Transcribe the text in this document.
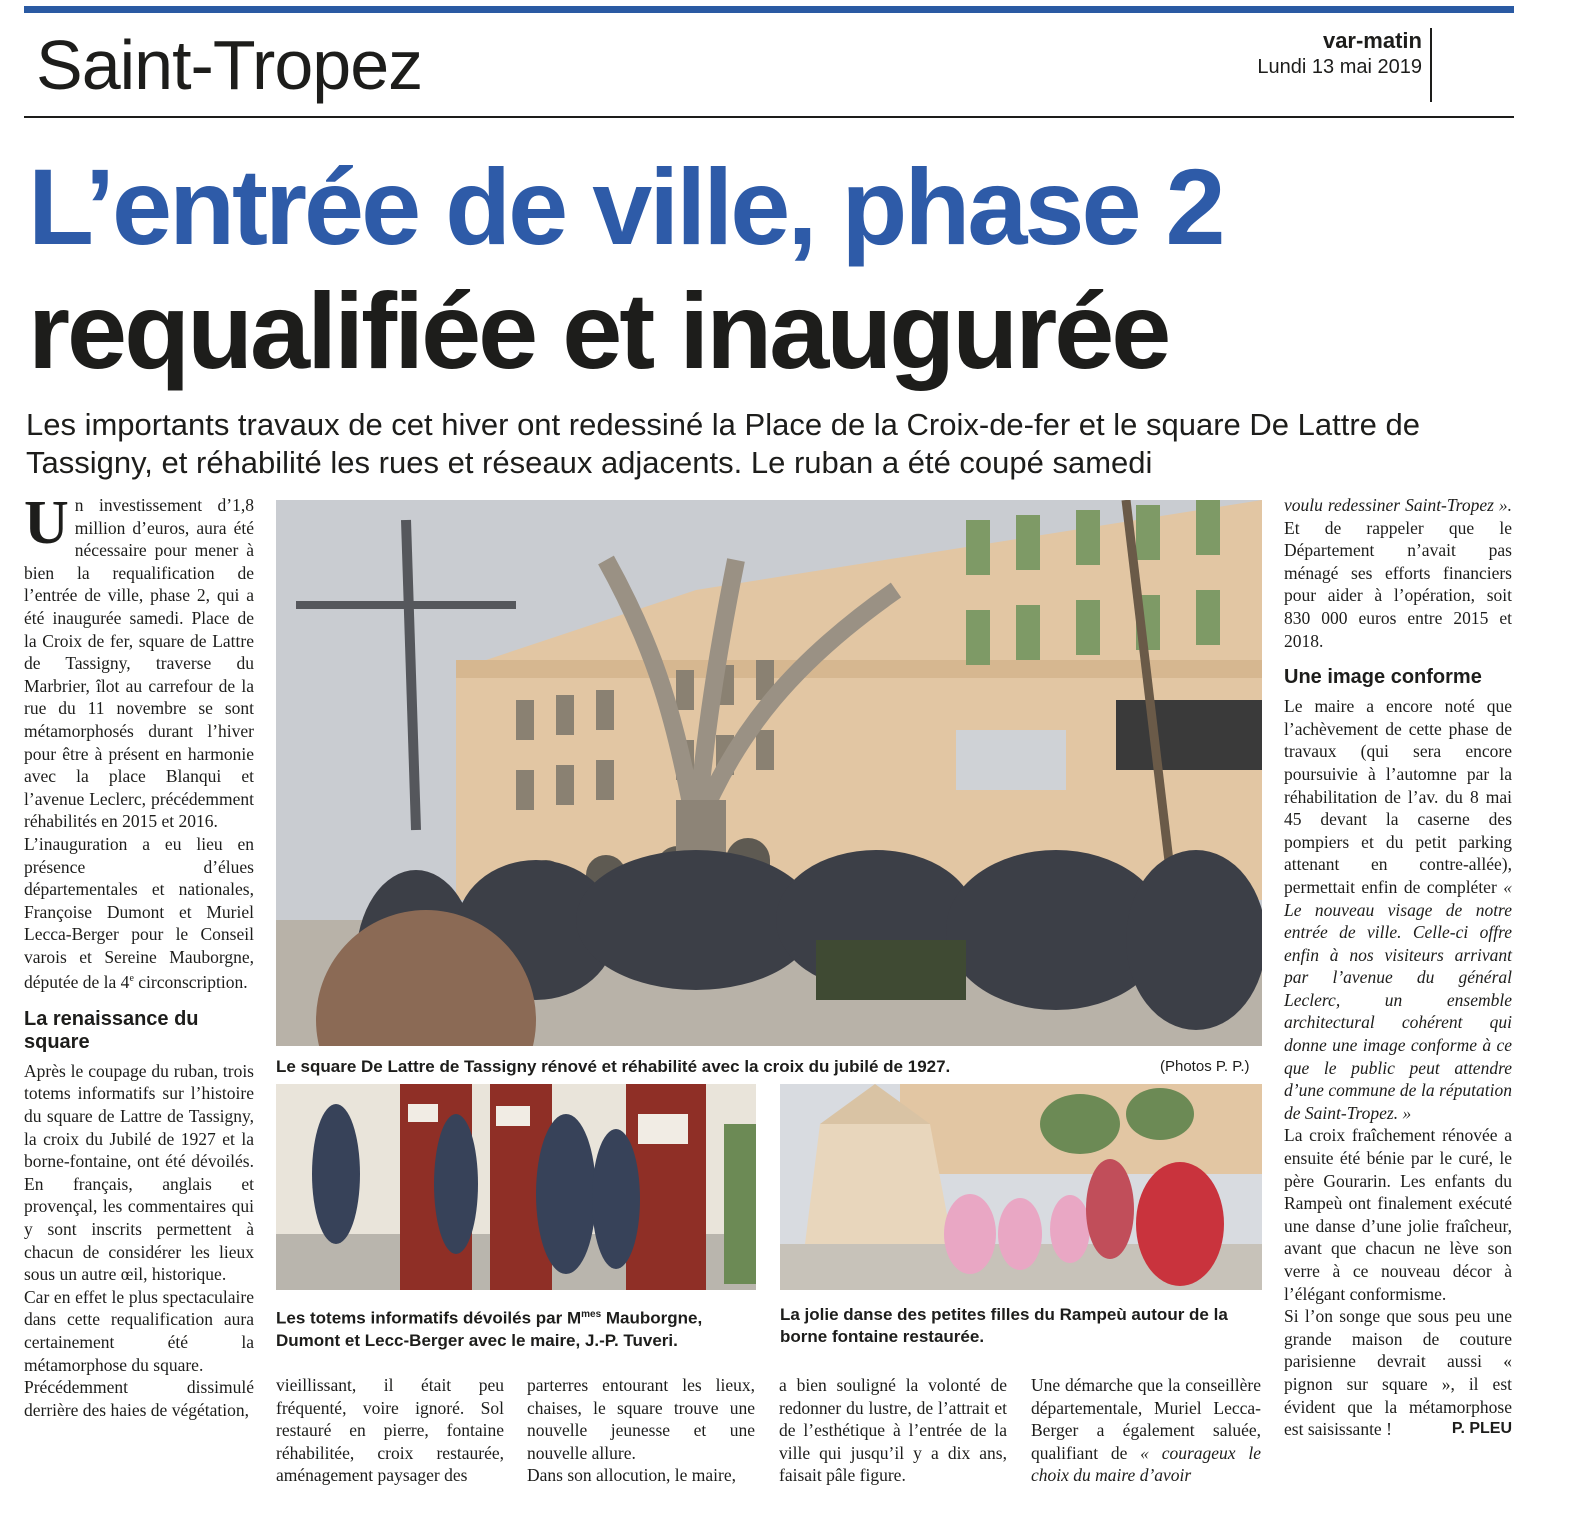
Saint-Tropez	var-matin
Lundi 13 mai 2019
L’entrée de ville, phase 2
requalifiée et inaugurée
Les importants travaux de cet hiver ont redessiné la Place de la Croix-de-fer et le square De Lattre de Tassigny, et réhabilité les rues et réseaux adjacents. Le ruban a été coupé samedi

Un investissement d’1,8 million d’euros, aura été nécessaire pour mener à bien la requalification de l’entrée de ville, phase 2, qui a été inaugurée samedi. Place de la Croix de fer, square de Lattre de Tassigny, traverse du Marbrier, îlot au carrefour de la rue du 11 novembre se sont métamorphosés durant l’hiver pour être à présent en harmonie avec la place Blanqui et l’avenue Leclerc, précédemment réhabilités en 2015 et 2016.

L’inauguration a eu lieu en présence d’élues départementales et nationales, Françoise Dumont et Muriel Lecca-Berger pour le Conseil varois et Sereine Mauborgne, députée de la 4e circonscription.

La renaissance du square

Après le coupage du ruban, trois totems informatifs sur l’histoire du square de Lattre de Tassigny, la croix du Jubilé de 1927 et la borne-fontaine, ont été dévoilés. En français, anglais et provençal, les commentaires qui y sont inscrits permettent à chacun de considérer les lieux sous un autre œil, historique.

Car en effet le plus spectaculaire dans cette requalification aura certainement été la métamorphose du square.

Précédemment dissimulé derrière des haies de végétation,

Le square De Lattre de Tassigny rénové et réhabilité avec la croix du jubilé de 1927.	(Photos P. P.)
Les totems informatifs dévoilés par $M^{mes}$ Mauborgne, Dumont et Lecc-Berger avec le maire, J.-P. Tuveri.
La jolie danse des petites filles du Rampeù autour de la borne fontaine restaurée.

vieillissant, il était peu fréquenté, voire ignoré. Sol restauré en pierre, fontaine réhabilitée, croix restaurée, aménagement paysager des

parterres entourant les lieux, chaises, le square trouve une nouvelle jeunesse et une nouvelle allure.

Dans son allocution, le maire,

a bien souligné la volonté de redonner du lustre, de l’attrait et de l’esthétique à l’entrée de la ville qui jusqu’il y a dix ans, faisait pâle figure.

Une démarche que la conseillère départementale, Muriel Lecca-Berger a également saluée, qualifiant de « courageux le choix du maire d’avoir

voulu redessiner Saint-Tropez ». Et de rappeler que le Département n’avait pas ménagé ses efforts financiers pour aider à l’opération, soit 830 000 euros entre 2015 et 2018.

Une image conforme

Le maire a encore noté que l’achèvement de cette phase de travaux (qui sera encore poursuivie à l’automne par la réhabilitation de l’av. du 8 mai 45 devant la caserne des pompiers et du petit parking attenant en contre-allée), permettait enfin de compléter « Le nouveau visage de notre entrée de ville. Celle-ci offre enfin à nos visiteurs arrivant par l’avenue du général Leclerc, un ensemble architectural cohérent qui donne une image conforme à ce que le public peut attendre d’une commune de la réputation de Saint-Tropez. »

La croix fraîchement rénovée a ensuite été bénie par le curé, le père Gourarin. Les enfants du Rampeù ont finalement exécuté une danse d’une jolie fraîcheur, avant que chacun ne lève son verre à ce nouveau décor à l’élégant conformisme.

Si l’on songe que sous peu une grande maison de couture parisienne devrait aussi « pignon sur square », il est évident que la métamorphose est saisissante !	P. PLEU
